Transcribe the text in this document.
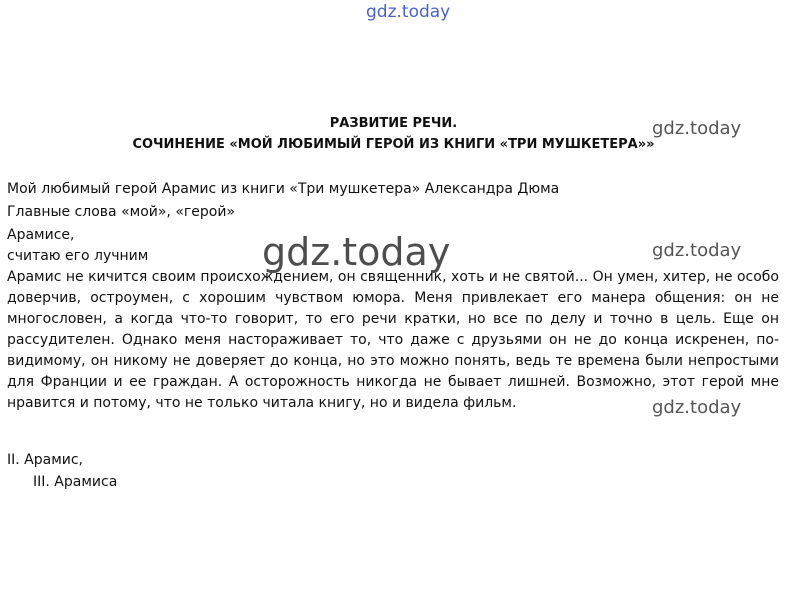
gdz.today
РАЗВИТИЕ РЕЧИ.
СОЧИНЕНИЕ «МОЙ ЛЮБИМЫЙ ГЕРОЙ ИЗ КНИГИ «ТРИ МУШКЕТЕРА»»
Мой любимый герой Арамис из книги «Три мушкетера» Александра Дюма
Главные слова «мой», «герой»
Арамисе,
считаю его лучним
Арамис не кичится своим происхождением, он священник, хоть и не святой... Он умен, хитер, не особо доверчив, остроумен, с хорошим чувством юмора. Меня привлекает его манера общения: он не многословен, а когда что-то говорит, то его речи кратки, но все по делу и точно в цель. Еще он рассудителен. Однако меня настораживает то, что даже с друзьями он не до конца искренен, по-видимому, он никому не доверяет до конца, но это можно понять, ведь те времена были непростыми для Франции и ее граждан. А осторожность никогда не бывает лишней. Возможно, этот герой мне нравится и потому, что не только читала книгу, но и видела фильм.
II. Арамис,
III. Арамиса
gdz.today
gdz.today
gdz.today
gdz.today
